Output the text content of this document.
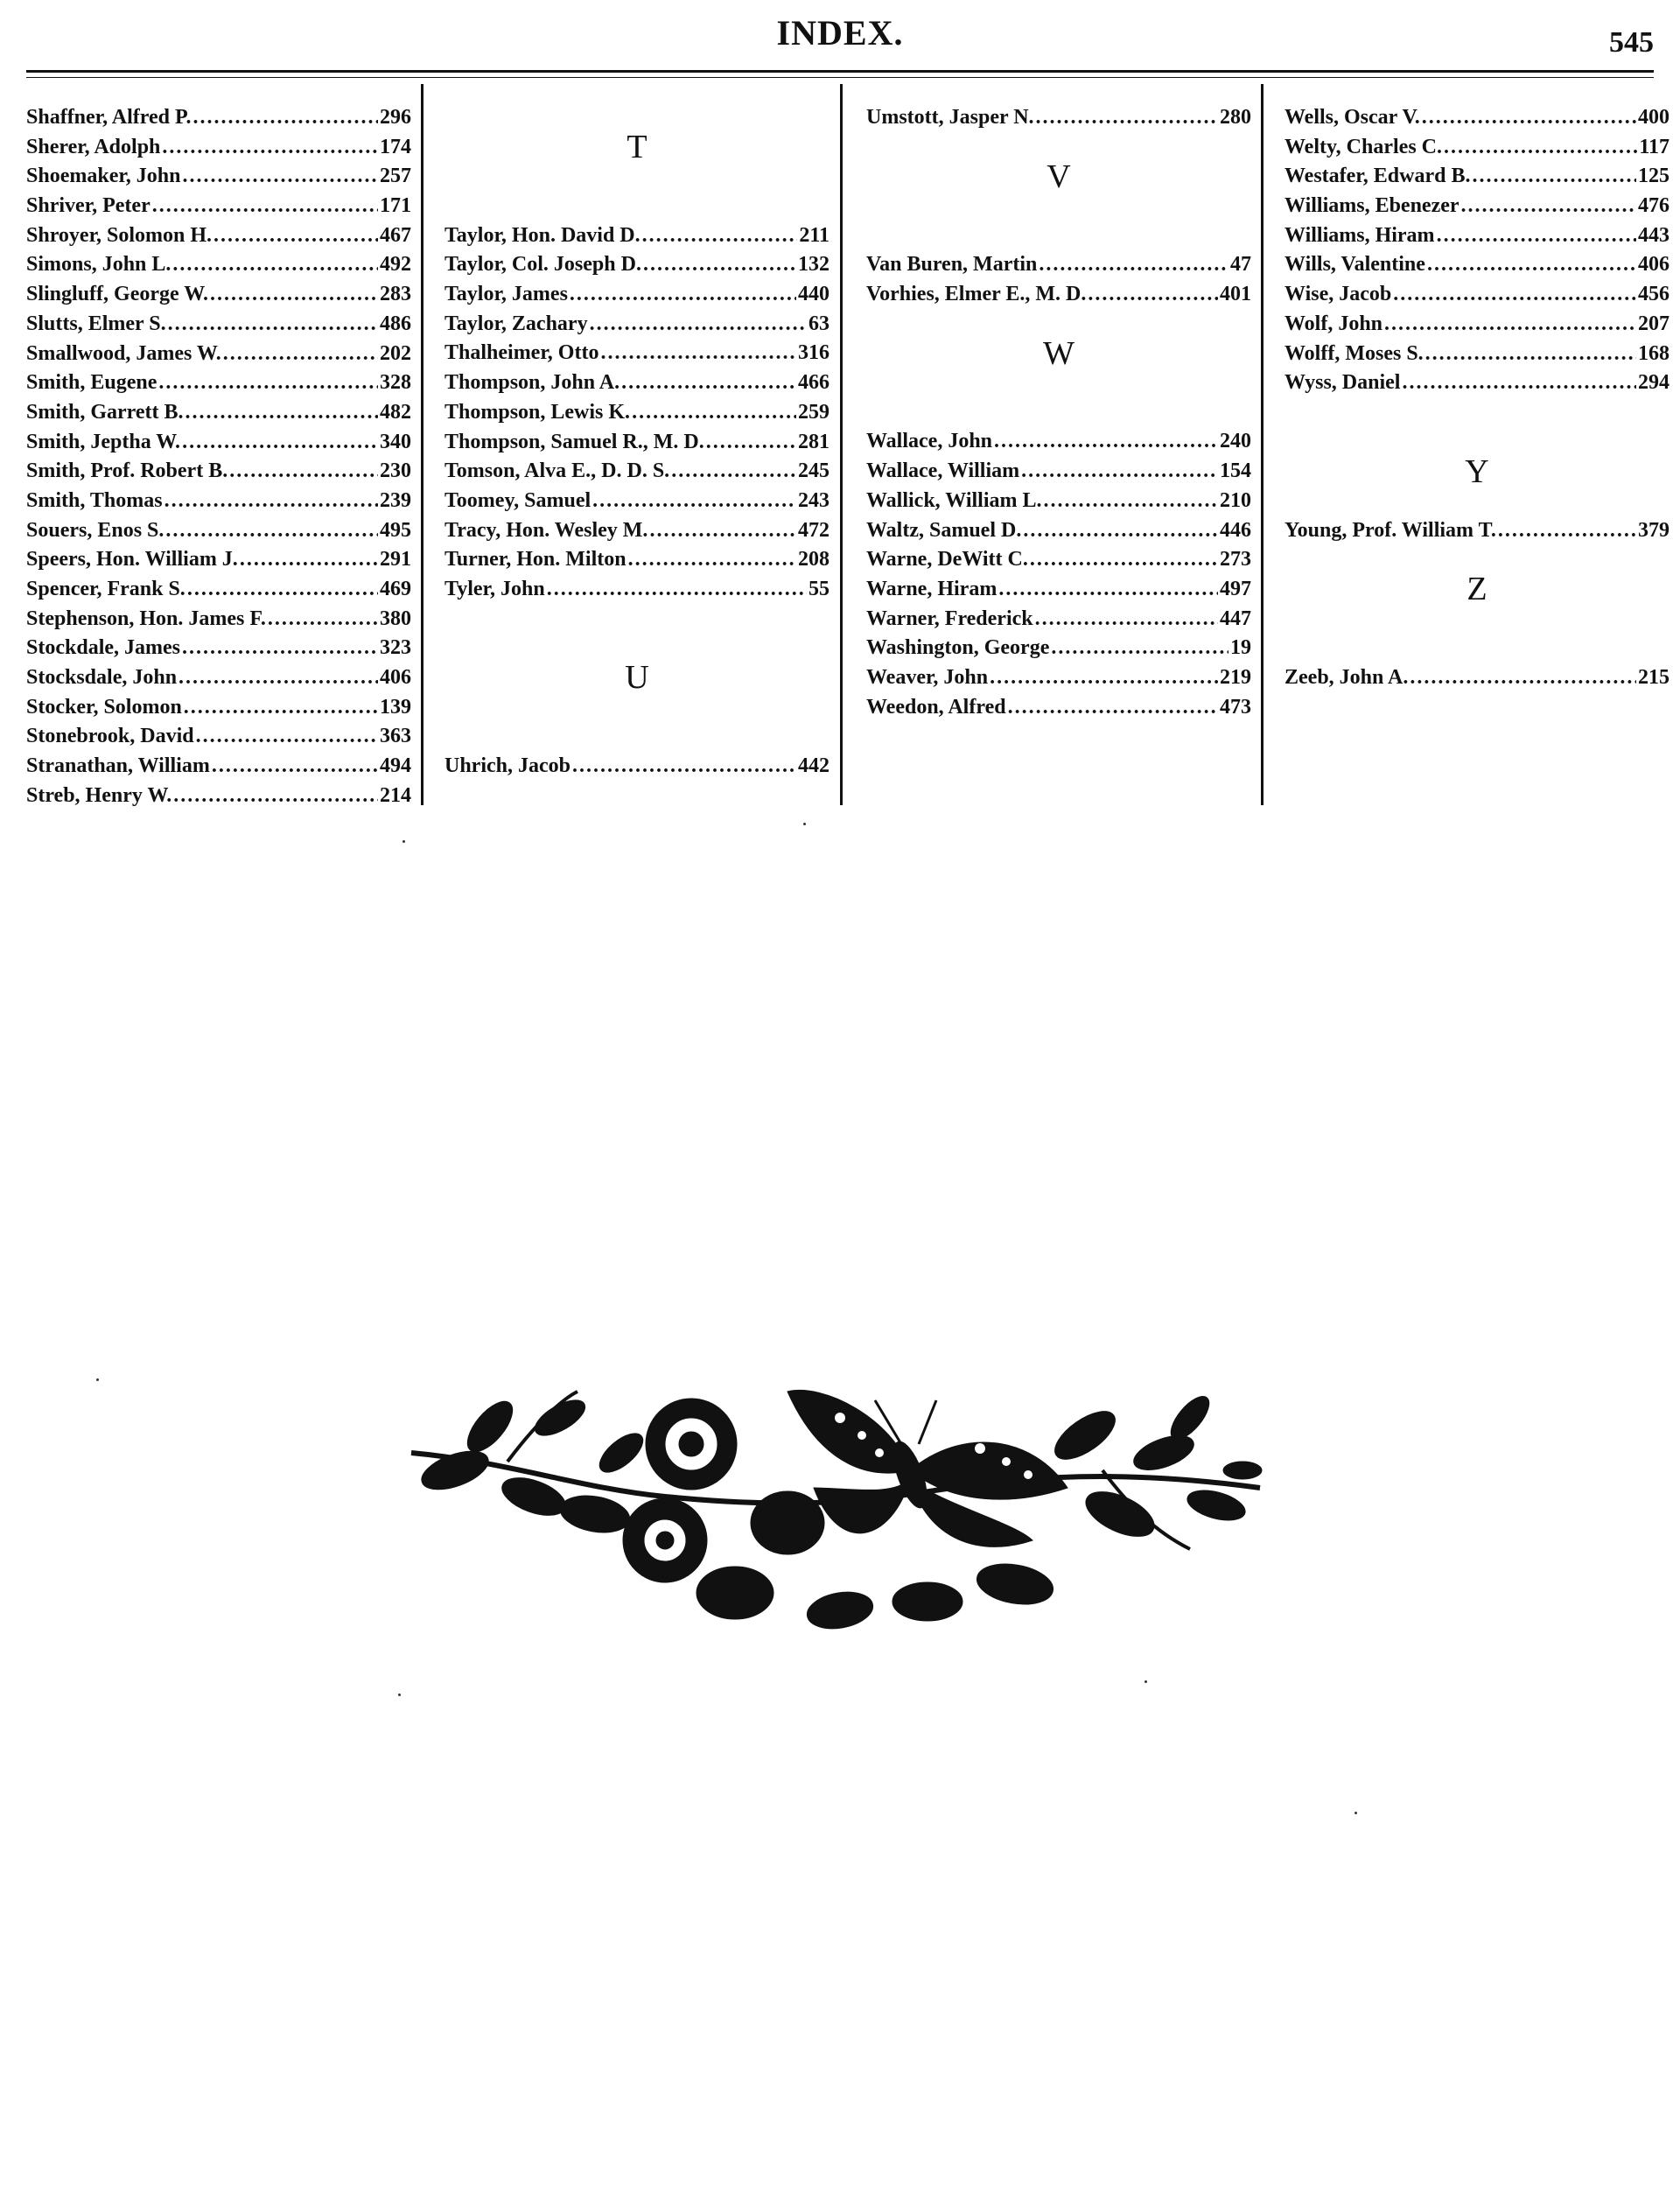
INDEX.	545
Shaffner, Alfred P. .....	296
Sherer, Adolph .....	174
Shoemaker, John .....	257
Shriver, Peter .....	171
Shroyer, Solomon H. .....	467
Simons, John L. .....	492
Slingluff, George W. .....	283
Slutts, Elmer S. .....	486
Smallwood, James W. .....	202
Smith, Eugene .....	328
Smith, Garrett B. .....	482
Smith, Jeptha W. .....	340
Smith, Prof. Robert B. .....	230
Smith, Thomas .....	239
Souers, Enos S. .....	495
Speers, Hon. William J. .....	291
Spencer, Frank S. .....	469
Stephenson, Hon. James F. .....	380
Stockdale, James .....	323
Stocksdale, John .....	406
Stocker, Solomon .....	139
Stonebrook, David .....	363
Stranathan, William .....	494
Streb, Henry W. .....	214
T
Taylor, Hon. David D. .....	211
Taylor, Col. Joseph D. .....	132
Taylor, James .....	440
Taylor, Zachary .....	63
Thalheimer, Otto .....	316
Thompson, John A. .....	466
Thompson, Lewis K. .....	259
Thompson, Samuel R., M. D. .....	281
Tomson, Alva E., D. D. S. .....	245
Toomey, Samuel .....	243
Tracy, Hon. Wesley M. .....	472
Turner, Hon. Milton .....	208
Tyler, John .....	55
U
Uhrich, Jacob .....	442
Umstott, Jasper N. .....	280
V
Van Buren, Martin .....	47
Vorhies, Elmer E., M. D. .....	401
W
Wallace, John .....	240
Wallace, William .....	154
Wallick, William L. .....	210
Waltz, Samuel D. .....	446
Warne, DeWitt C. .....	273
Warne, Hiram .....	497
Warner, Frederick .....	447
Washington, George .....	19
Weaver, John .....	219
Weedon, Alfred .....	473
Wells, Oscar V. .....	400
Welty, Charles C. .....	117
Westafer, Edward B. .....	125
Williams, Ebenezer .....	476
Williams, Hiram .....	443
Wills, Valentine .....	406
Wise, Jacob .....	456
Wolf, John .....	207
Wolff, Moses S. .....	168
Wyss, Daniel .....	294
Y
Young, Prof. William T. .....	379
Z
Zeeb, John A. .....	215
